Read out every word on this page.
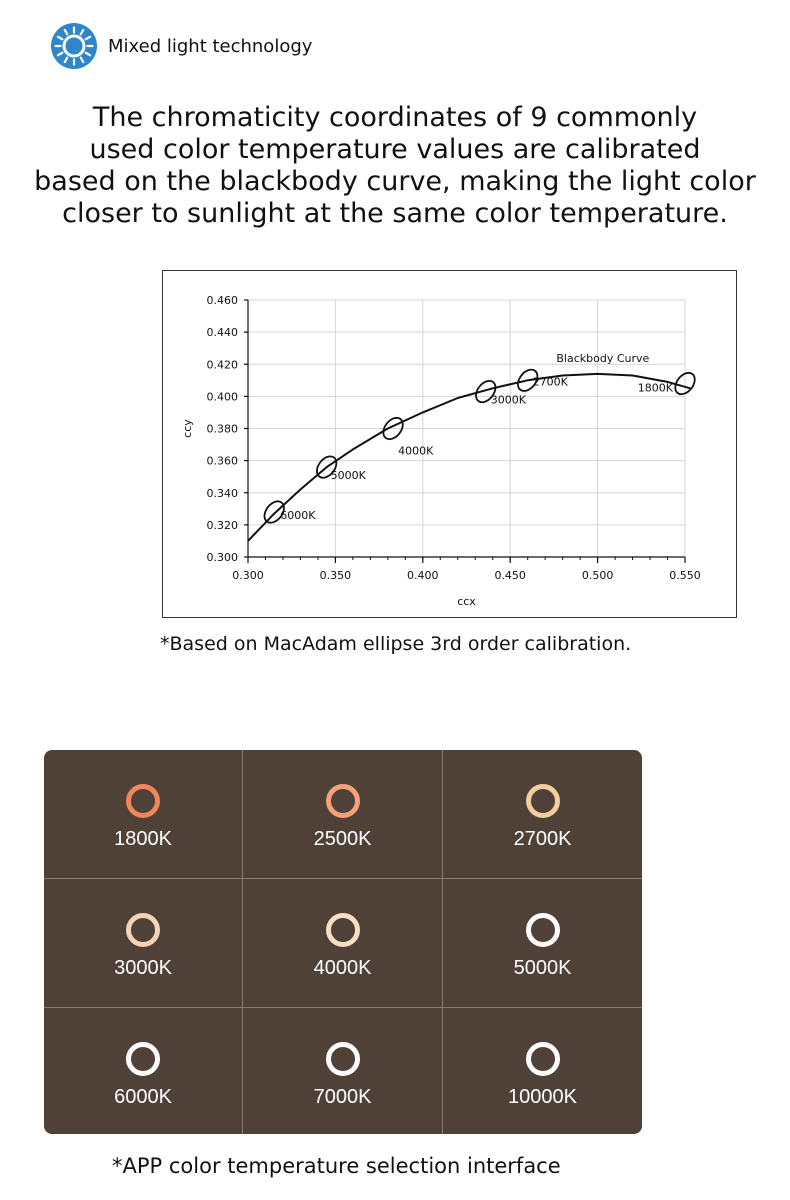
Mixed light technology
The chromaticity coordinates of 9 commonly
used color temperature values are calibrated
based on the blackbody curve, making the light color
closer to sunlight at the same color temperature.
0.300	0.350	0.400	0.450	0.500	0.550
0.300
0.320
0.340
0.360
0.380
0.400
0.420
0.440
0.460
ccx
ccy
Blackbody Curve
6000K
5000K
4000K
3000K
2700K	1800K
*Based on MacAdam ellipse 3rd order calibration.
1800K	2500K	2700K
3000K	4000K	5000K
6000K	7000K	10000K
*APP color temperature selection interface
